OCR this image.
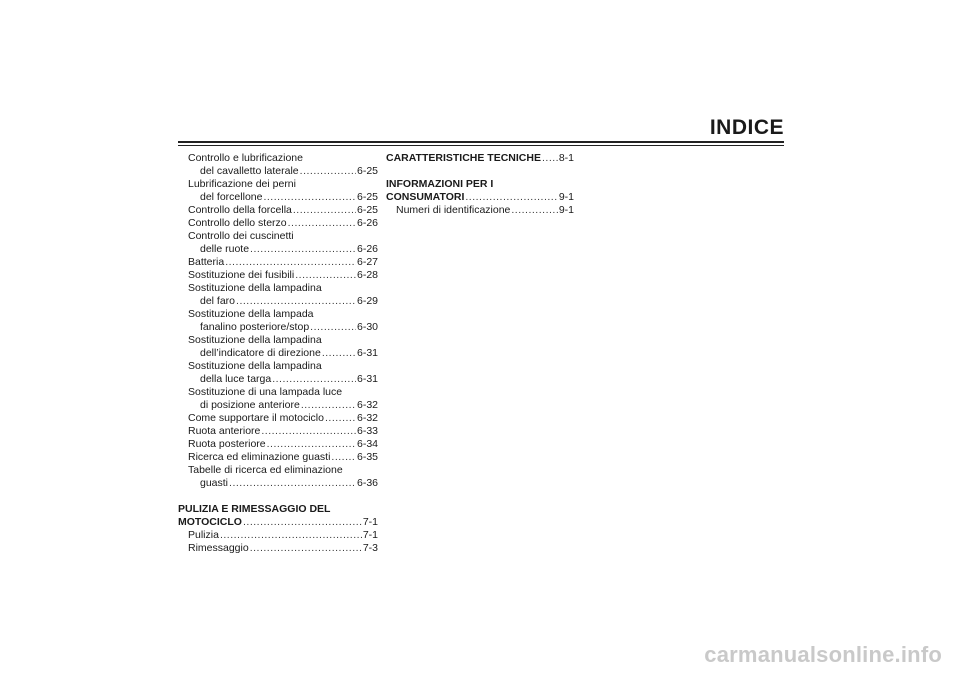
INDICE
Controllo e lubrificazione
del cavalletto laterale .....	6-25
Lubrificazione dei perni
del forcellone .....	6-25
Controllo della forcella .....	6-25
Controllo dello sterzo .....	6-26
Controllo dei cuscinetti
delle ruote .....	6-26
Batteria .....	6-27
Sostituzione dei fusibili .....	6-28
Sostituzione della lampadina
del faro .....	6-29
Sostituzione della lampada
fanalino posteriore/stop .....	6-30
Sostituzione della lampadina
dell’indicatore di direzione .....	6-31
Sostituzione della lampadina
della luce targa .....	6-31
Sostituzione di una lampada luce
di posizione anteriore .....	6-32
Come supportare il motociclo .....	6-32
Ruota anteriore .....	6-33
Ruota posteriore .....	6-34
Ricerca ed eliminazione guasti .....	6-35
Tabelle di ricerca ed eliminazione
guasti .....	6-36
PULIZIA E RIMESSAGGIO DEL
MOTOCICLO .....	7-1
Pulizia .....	7-1
Rimessaggio .....	7-3
CARATTERISTICHE TECNICHE ..... 8-1
INFORMAZIONI PER I
CONSUMATORI .....	9-1
Numeri di identificazione .....	9-1
carmanualsonline.info
